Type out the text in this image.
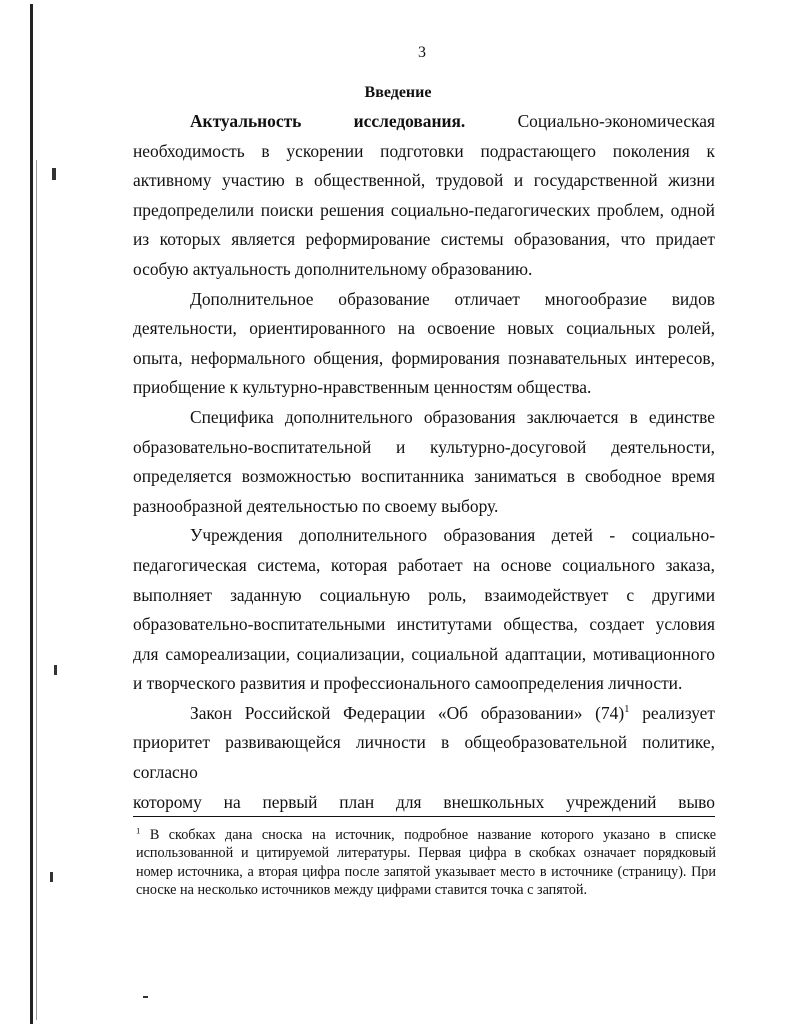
3
Введение

Актуальность исследования. Социально-экономическая необходимость в ускорении подготовки подрастающего поколения к активному участию в общественной, трудовой и государственной жизни предопределили поиски решения социально-педагогических проблем, одной из которых является реформирование системы образования, что придает особую актуальность дополнительному образованию.

Дополнительное образование отличает многообразие видов деятельности, ориентированного на освоение новых социальных ролей, опыта, неформального общения, формирования познавательных интересов, приобщение к культурно-нравственным ценностям общества.

Специфика дополнительного образования заключается в единстве образовательно-воспитательной и культурно-досуговой деятельности, определяется возможностью воспитанника заниматься в свободное время разнообразной деятельностью по своему выбору.

Учреждения дополнительного образования детей - социально-педагогическая система, которая работает на основе социального заказа, выполняет заданную социальную роль, взаимодействует с другими образовательно-воспитательными институтами общества, создает условия для самореализации, социализации, социальной адаптации, мотивационного и творческого развития и профессионального самоопределения личности.

Закон Российской Федерации «Об образовании» $(74)^1$ реализует приоритет развивающейся личности в общеобразовательной политике, согласно

которому на первый план для внешкольных учреждений выво
$^1$ В скобках дана сноска на источник, подробное название которого указано в списке использованной и цитируемой литературы. Первая цифра в скобках означает порядковый номер источника, а вторая цифра после запятой указывает место в источнике (страницу). При сноске на несколько источников между цифрами ставится точка с запятой.
